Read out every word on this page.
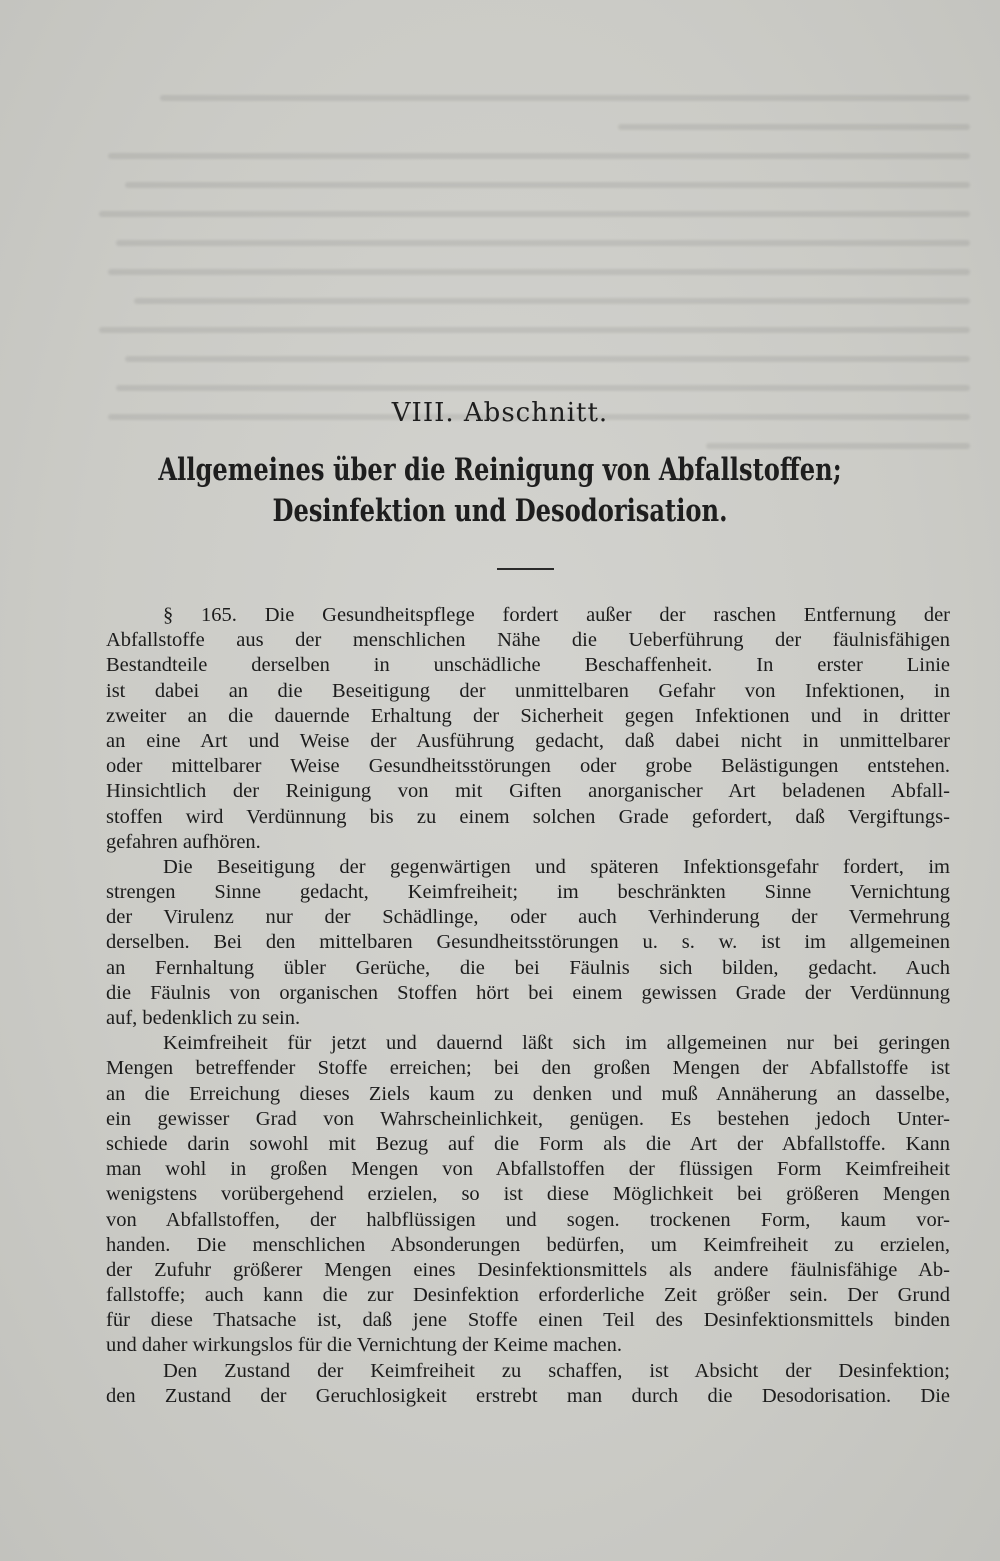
VIII. Abschnitt.
Allgemeines über die Reinigung von Abfallstoffen;
Desinfektion und Desodorisation.
§ 165. Die Gesundheitspflege fordert außer der raschen Entfernung der
Abfallstoffe aus der menschlichen Nähe die Ueberführung der fäulnisfähigen
Bestandteile derselben in unschädliche Beschaffenheit. In erster Linie
ist dabei an die Beseitigung der unmittelbaren Gefahr von Infektionen, in
zweiter an die dauernde Erhaltung der Sicherheit gegen Infektionen und in dritter
an eine Art und Weise der Ausführung gedacht, daß dabei nicht in unmittelbarer
oder mittelbarer Weise Gesundheitsstörungen oder grobe Belästigungen entstehen.
Hinsichtlich der Reinigung von mit Giften anorganischer Art beladenen Abfall-
stoffen wird Verdünnung bis zu einem solchen Grade gefordert, daß Vergiftungs-
gefahren aufhören.
Die Beseitigung der gegenwärtigen und späteren Infektionsgefahr fordert, im
strengen Sinne gedacht, Keimfreiheit; im beschränkten Sinne Vernichtung
der Virulenz nur der Schädlinge, oder auch Verhinderung der Vermehrung
derselben. Bei den mittelbaren Gesundheitsstörungen u. s. w. ist im allgemeinen
an Fernhaltung übler Gerüche, die bei Fäulnis sich bilden, gedacht. Auch
die Fäulnis von organischen Stoffen hört bei einem gewissen Grade der Verdünnung
auf, bedenklich zu sein.
Keimfreiheit für jetzt und dauernd läßt sich im allgemeinen nur bei geringen
Mengen betreffender Stoffe erreichen; bei den großen Mengen der Abfallstoffe ist
an die Erreichung dieses Ziels kaum zu denken und muß Annäherung an dasselbe,
ein gewisser Grad von Wahrscheinlichkeit, genügen. Es bestehen jedoch Unter-
schiede darin sowohl mit Bezug auf die Form als die Art der Abfallstoffe. Kann
man wohl in großen Mengen von Abfallstoffen der flüssigen Form Keimfreiheit
wenigstens vorübergehend erzielen, so ist diese Möglichkeit bei größeren Mengen
von Abfallstoffen, der halbflüssigen und sogen. trockenen Form, kaum vor-
handen. Die menschlichen Absonderungen bedürfen, um Keimfreiheit zu erzielen,
der Zufuhr größerer Mengen eines Desinfektionsmittels als andere fäulnisfähige Ab-
fallstoffe; auch kann die zur Desinfektion erforderliche Zeit größer sein. Der Grund
für diese Thatsache ist, daß jene Stoffe einen Teil des Desinfektionsmittels binden
und daher wirkungslos für die Vernichtung der Keime machen.
Den Zustand der Keimfreiheit zu schaffen, ist Absicht der Desinfektion;
den Zustand der Geruchlosigkeit erstrebt man durch die Desodorisation. Die
